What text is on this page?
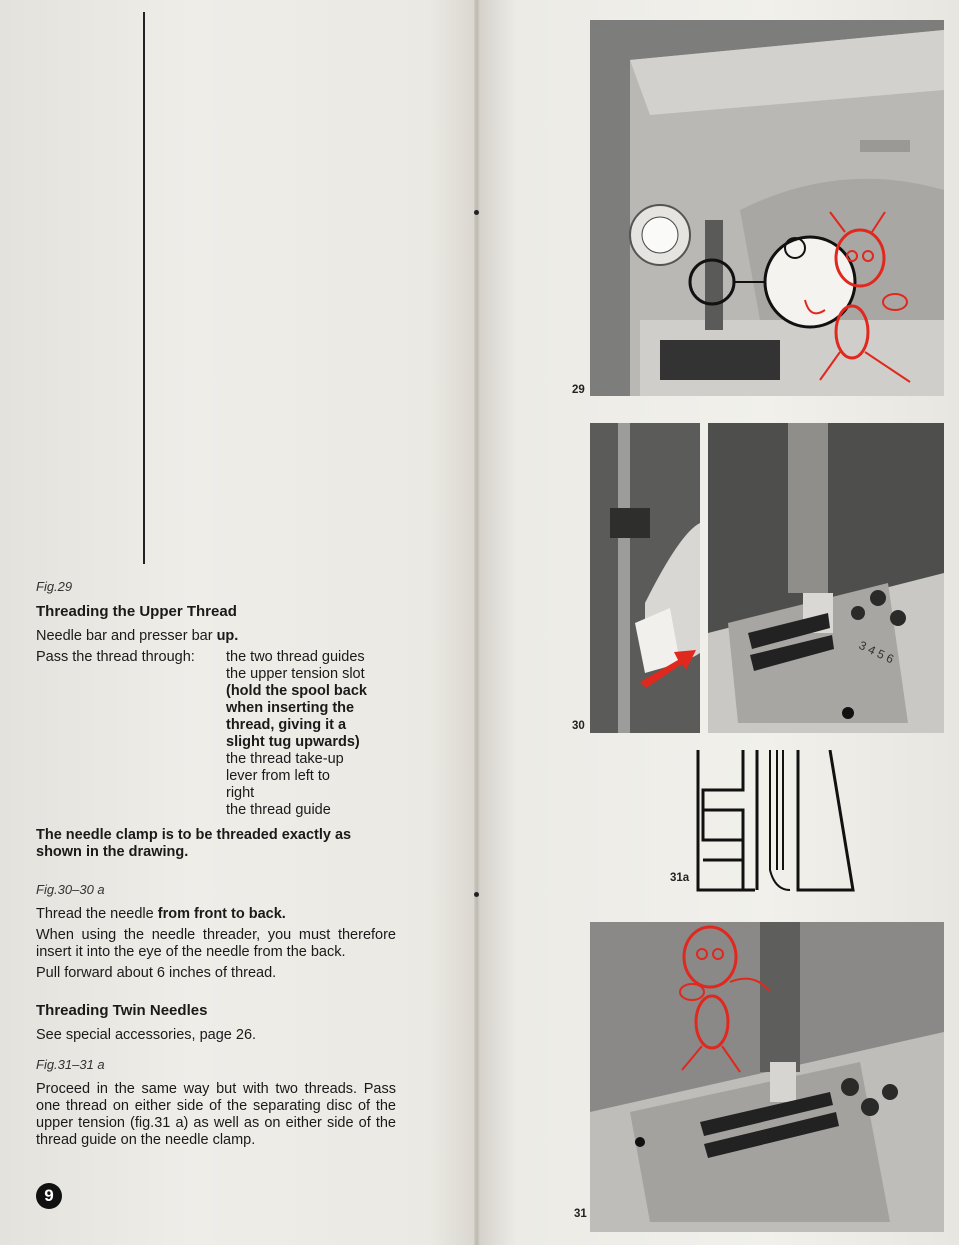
Fig.29
Threading the Upper Thread
Needle bar and presser bar up.
Pass the thread through:	the two thread guides
the upper tension slot
(hold the spool back
when inserting the
thread, giving it a
slight tug upwards)
the thread take-up
lever from left to
right
the thread guide
The needle clamp is to be threaded exactly as shown in the drawing.
Fig.30–30 a
Thread the needle from front to back.
When using the needle threader, you must therefore insert it into the eye of the needle from the back.
Pull forward about 6 inches of thread.
Threading Twin Needles
See special accessories, page 26.
Fig.31–31 a
Proceed in the same way but with two threads. Pass one thread on either side of the separating disc of the upper tension (fig.31 a) as well as on either side of the thread guide on the needle clamp.
9
29
30
3 4 5 6
31a
31
